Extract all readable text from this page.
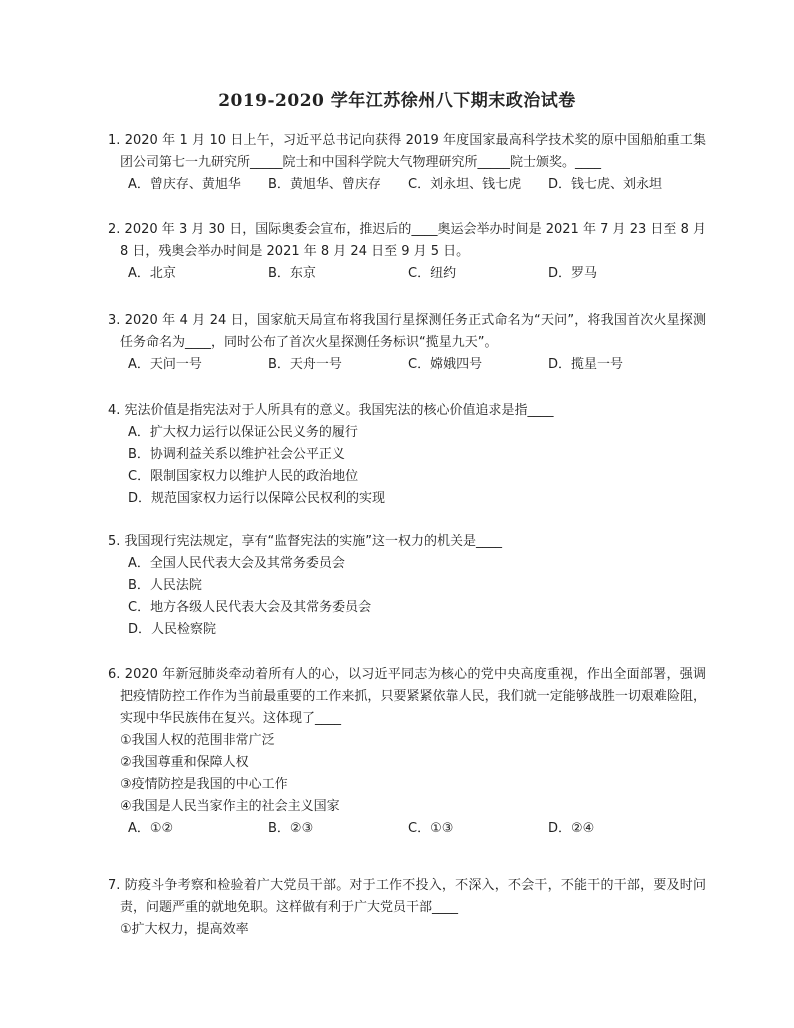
2019-2020 学年江苏徐州八下期末政治试卷
1. 2020 年 1 月 10 日上午，习近平总书记向获得 2019 年度国家最高科学技术奖的原中国船舶重工集团公司第七一九研究所_____院士和中国科学院大气物理研究所_____院士颁奖。____
A．曾庆存、黄旭华	B．黄旭华、曾庆存	C．刘永坦、钱七虎	D．钱七虎、刘永坦
2. 2020 年 3 月 30 日，国际奥委会宣布，推迟后的____奥运会举办时间是 2021 年 7 月 23 日至 8 月 8 日，残奥会举办时间是 2021 年 8 月 24 日至 9 月 5 日。
A．北京	B．东京	C．纽约	D．罗马
3. 2020 年 4 月 24 日，国家航天局宣布将我国行星探测任务正式命名为“天问”，将我国首次火星探测任务命名为____，同时公布了首次火星探测任务标识“揽星九天”。
A．天问一号	B．天舟一号	C．嫦娥四号	D．揽星一号
4. 宪法价值是指宪法对于人所具有的意义。我国宪法的核心价值追求是指____
A．扩大权力运行以保证公民义务的履行
B．协调利益关系以维护社会公平正义
C．限制国家权力以维护人民的政治地位
D．规范国家权力运行以保障公民权利的实现
5. 我国现行宪法规定，享有“监督宪法的实施”这一权力的机关是____
A．全国人民代表大会及其常务委员会
B．人民法院
C．地方各级人民代表大会及其常务委员会
D．人民检察院
6. 2020 年新冠肺炎牵动着所有人的心，以习近平同志为核心的党中央高度重视，作出全面部署，强调把疫情防控工作作为当前最重要的工作来抓，只要紧紧依靠人民，我们就一定能够战胜一切艰难险阻，实现中华民族伟在复兴。这体现了____
①我国人权的范围非常广泛
②我国尊重和保障人权
③疫情防控是我国的中心工作
④我国是人民当家作主的社会主义国家
A．①②	B．②③	C．①③	D．②④
7. 防疫斗争考察和检验着广大党员干部。对于工作不投入，不深入，不会干，不能干的干部，要及时问责，问题严重的就地免职。这样做有利于广大党员干部____
①扩大权力，提高效率
